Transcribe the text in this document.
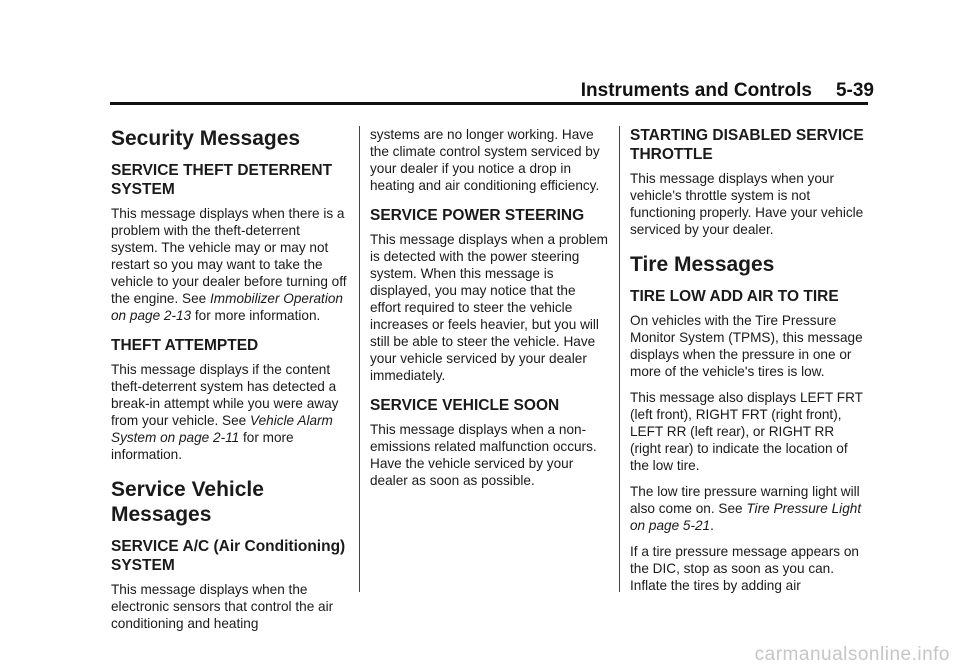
Instruments and Controls 5-39
Security Messages
SERVICE THEFT DETERRENT SYSTEM

This message displays when there is a problem with the theft-deterrent system. The vehicle may or may not restart so you may want to take the vehicle to your dealer before turning off the engine. See Immobilizer Operation on page 2-13 for more information.

THEFT ATTEMPTED

This message displays if the content theft-deterrent system has detected a break-in attempt while you were away from your vehicle. See Vehicle Alarm System on page 2-11 for more information.

Service Vehicle Messages
SERVICE A/C (Air Conditioning) SYSTEM

This message displays when the electronic sensors that control the air conditioning and heating

systems are no longer working. Have the climate control system serviced by your dealer if you notice a drop in heating and air conditioning efficiency.

SERVICE POWER STEERING

This message displays when a problem is detected with the power steering system. When this message is displayed, you may notice that the effort required to steer the vehicle increases or feels heavier, but you will still be able to steer the vehicle. Have your vehicle serviced by your dealer immediately.

SERVICE VEHICLE SOON

This message displays when a non-emissions related malfunction occurs. Have the vehicle serviced by your dealer as soon as possible.

STARTING DISABLED SERVICE THROTTLE

This message displays when your vehicle's throttle system is not functioning properly. Have your vehicle serviced by your dealer.

Tire Messages
TIRE LOW ADD AIR TO TIRE

On vehicles with the Tire Pressure Monitor System (TPMS), this message displays when the pressure in one or more of the vehicle's tires is low.

This message also displays LEFT FRT (left front), RIGHT FRT (right front), LEFT RR (left rear), or RIGHT RR (right rear) to indicate the location of the low tire.

The low tire pressure warning light will also come on. See Tire Pressure Light on page 5-21.

If a tire pressure message appears on the DIC, stop as soon as you can. Inflate the tires by adding air

carmanualsonline.info
